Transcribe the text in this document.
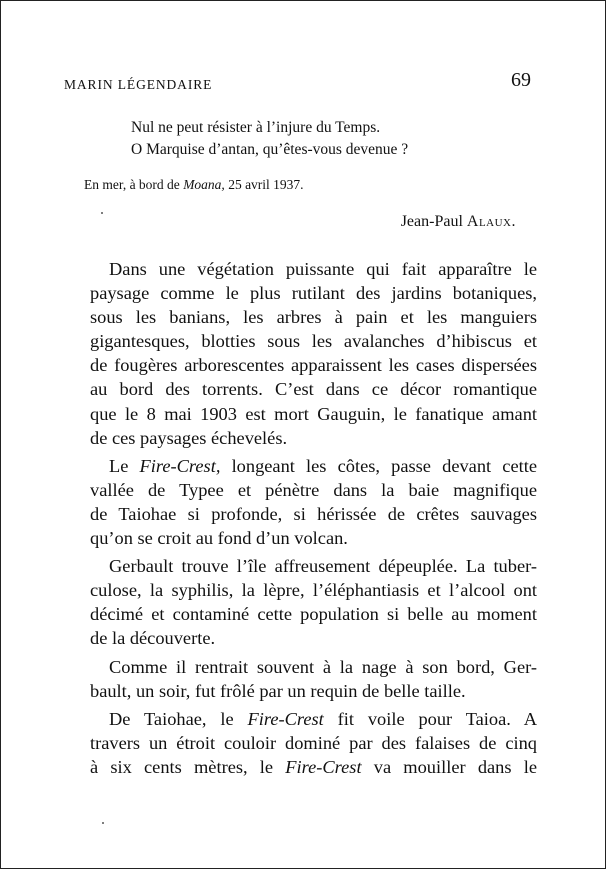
MARIN LÉGENDAIRE	69
Nul ne peut résister à l’injure du Temps.
O Marquise d’antan, qu’êtes-vous devenue ?
En mer, à bord de Moana, 25 avril 1937.
Jean-Paul Alaux.
Dans une végétation puissante qui fait apparaître le
paysage comme le plus rutilant des jardins botaniques,
sous les banians, les arbres à pain et les manguiers
gigantesques, blotties sous les avalanches d’hibiscus et
de fougères arborescentes apparaissent les cases dispersées
au bord des torrents. C’est dans ce décor romantique
que le 8 mai 1903 est mort Gauguin, le fanatique amant
de ces paysages échevelés.
Le Fire-Crest, longeant les côtes, passe devant cette
vallée de Typee et pénètre dans la baie magnifique
de Taiohae si profonde, si hérissée de crêtes sauvages
qu’on se croit au fond d’un volcan.
Gerbault trouve l’île affreusement dépeuplée. La tuber-
culose, la syphilis, la lèpre, l’éléphantiasis et l’alcool ont
décimé et contaminé cette population si belle au moment
de la découverte.
Comme il rentrait souvent à la nage à son bord, Ger-
bault, un soir, fut frôlé par un requin de belle taille.
De Taiohae, le Fire-Crest fit voile pour Taioa. A
travers un étroit couloir dominé par des falaises de cinq
à six cents mètres, le Fire-Crest va mouiller dans le
